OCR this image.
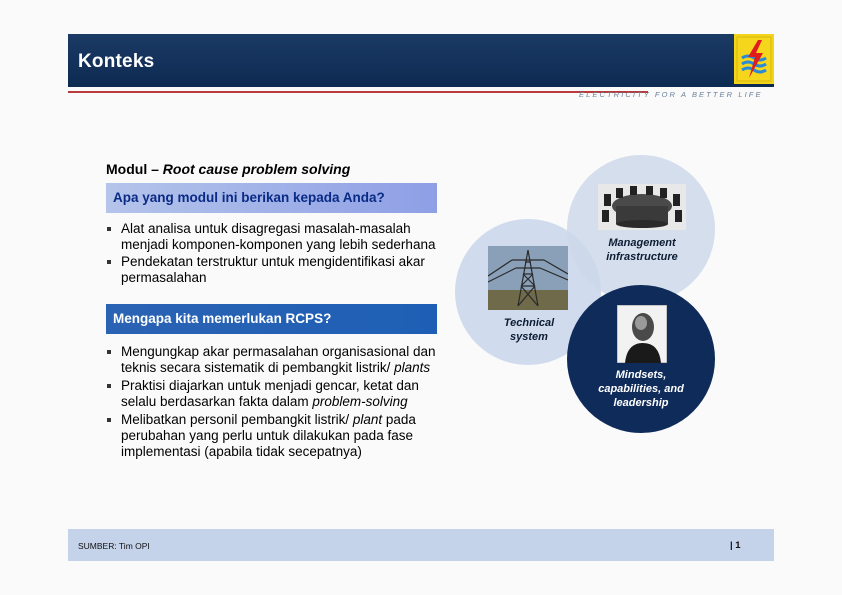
Konteks
ELECTRICITY FOR A BETTER LIFE
Modul – Root cause problem solving
Apa yang modul ini berikan kepada Anda?
Alat analisa untuk disagregasi masalah-masalah menjadi komponen-komponen yang lebih sederhana
Pendekatan terstruktur untuk mengidentifikasi akar permasalahan
Mengapa kita memerlukan RCPS?
Mengungkap akar permasalahan organisasional dan teknis secara sistematik di pembangkit listrik/ plants
Praktisi diajarkan untuk menjadi gencar, ketat dan selalu berdasarkan fakta dalam problem-solving
Melibatkan personil pembangkit listrik/ plant pada perubahan yang perlu untuk dilakukan pada fase implementasi (apabila tidak secepatnya)
Technical system
Management infrastructure
Mindsets, capabilities, and leadership
SUMBER: Tim OPI	| 1
